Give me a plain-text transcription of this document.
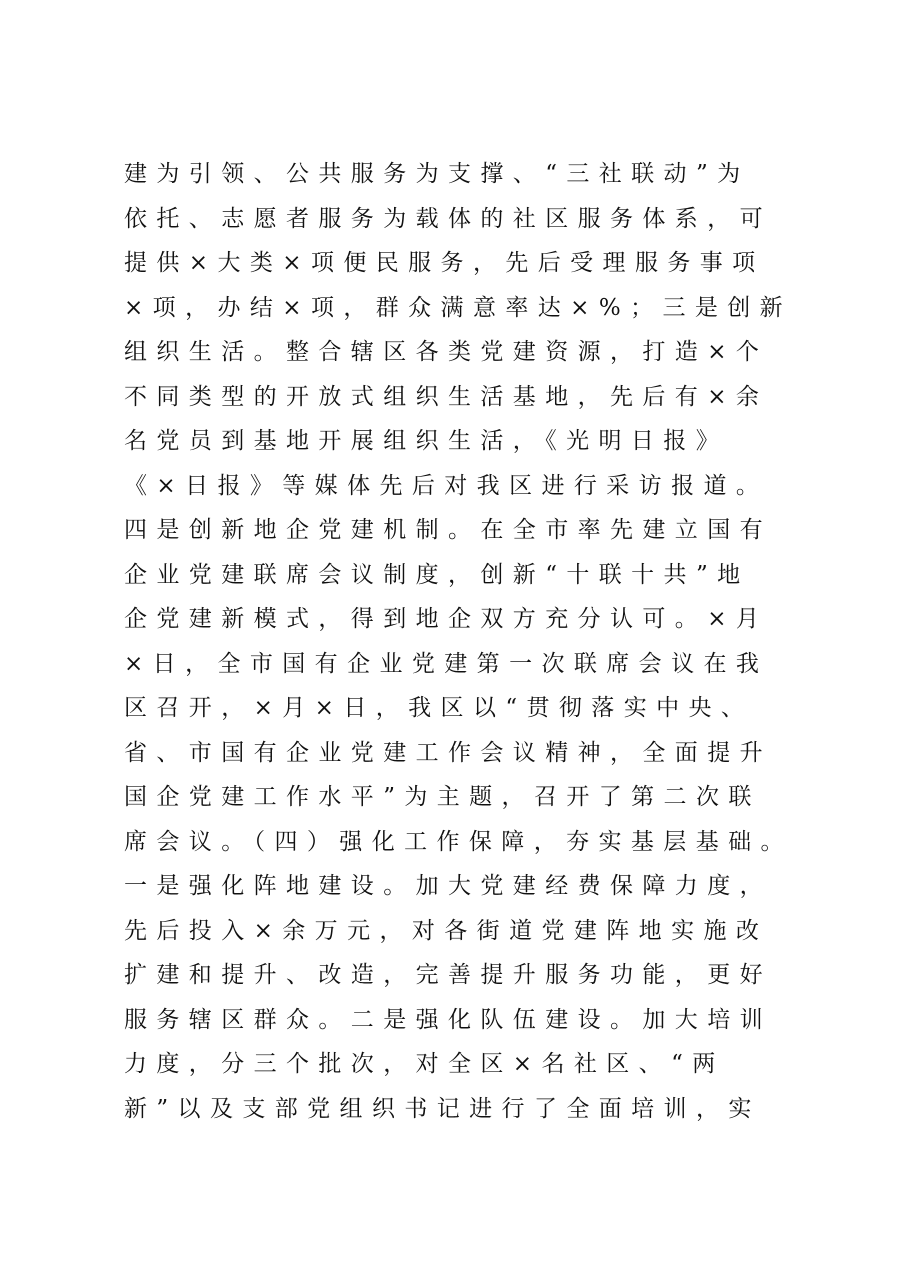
建为引领、公共服务为支撑、“三社联动”为
依托、志愿者服务为载体的社区服务体系，可
提供×大类×项便民服务，先后受理服务事项
×项，办结×项，群众满意率达×%；三是创新
组织生活。整合辖区各类党建资源，打造×个
不同类型的开放式组织生活基地，先后有×余
名党员到基地开展组织生活，《光明日报》
《×日报》等媒体先后对我区进行采访报道。
四是创新地企党建机制。在全市率先建立国有
企业党建联席会议制度，创新“十联十共”地
企党建新模式，得到地企双方充分认可。×月
×日，全市国有企业党建第一次联席会议在我
区召开，×月×日，我区以“贯彻落实中央、
省、市国有企业党建工作会议精神，全面提升
国企党建工作水平”为主题，召开了第二次联
席会议。（四）强化工作保障，夯实基层基础。
一是强化阵地建设。加大党建经费保障力度，
先后投入×余万元，对各街道党建阵地实施改
扩建和提升、改造，完善提升服务功能，更好
服务辖区群众。二是强化队伍建设。加大培训
力度，分三个批次，对全区×名社区、“两
新”以及支部党组织书记进行了全面培训，实
